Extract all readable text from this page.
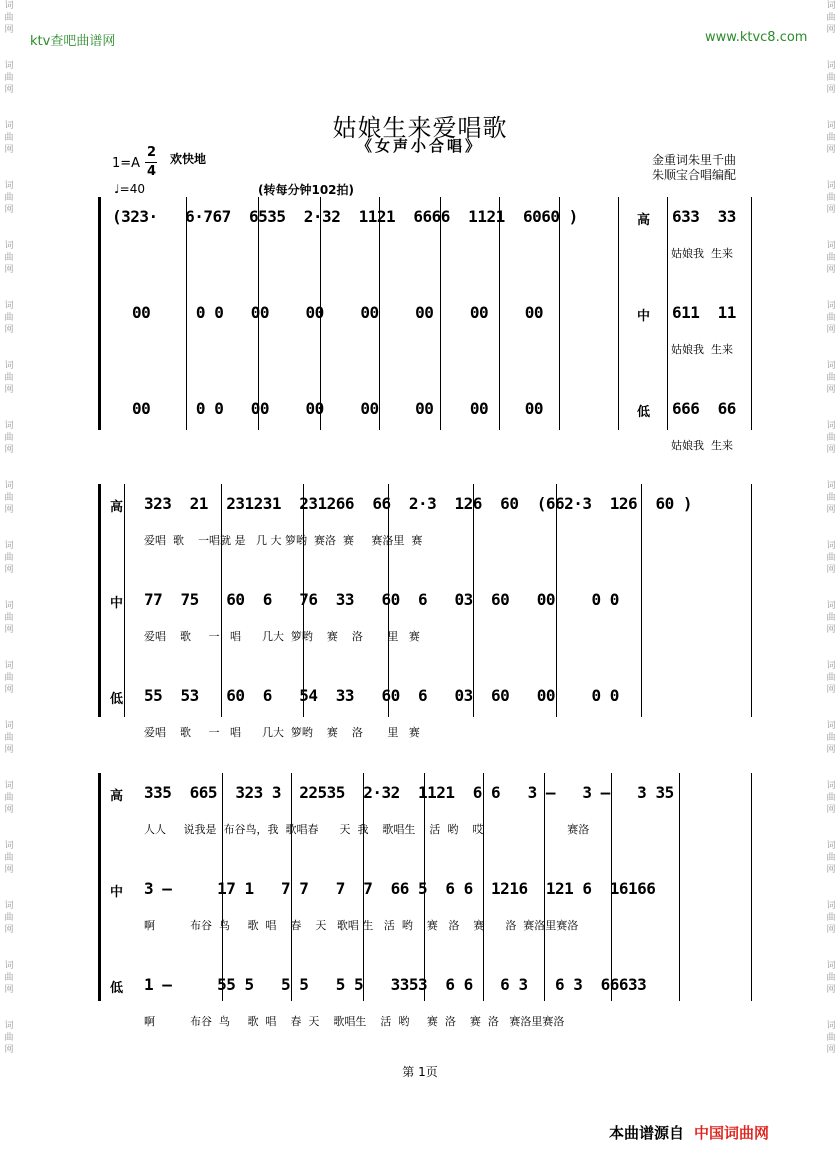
词曲网

词曲网

词曲网

词曲网

词曲网

词曲网

词曲网

词曲网

词曲网

词曲网

词曲网

词曲网

词曲网

词曲网

词曲网

词曲网

词曲网

词曲网
词曲网

词曲网

词曲网

词曲网

词曲网

词曲网

词曲网

词曲网

词曲网

词曲网

词曲网

词曲网

词曲网

词曲网

词曲网

词曲网

词曲网

词曲网
ktv查吧曲谱网	www.ktvc8.com
姑娘生来爱唱歌
《女声小合唱》
1=A
2
4
欢快地
♩=40	(转每分钟102拍)
金重词朱里千曲
朱顺宝合唱编配
(323·   6·767  6535  2·32  1121  6666  1121  6060 )	高 633  33
姑娘我  生来
00     0 0   00    00    00    00    00    00	中 611  11
姑娘我  生来
00     0 0   00    00    00    00    00    00	低 666  66
姑娘我  生来
高 323  21  231231  231266  66  2·3  126  60  (662·3  126  60 )
爱唱  歌    一唱就 是   几 大 箩哟  赛洛  赛     赛洛里  赛
中 77  75   60  6   76  33   60  6   03  60   00    0 0
爱唱    歌     一   唱      几大  箩哟    赛    洛       里   赛
低 55  53   60  6   54  33   60  6   03  60   00    0 0
爱唱    歌     一   唱      几大  箩哟    赛    洛       里   赛
高 335  665  323 3  22535  2·32  1121  6 6   3 —   3 —   3 35
人人     说我是  布谷鸟，我  歌唱春      天  我    歌唱生    活  哟    哎                        赛洛
中 3 —     17 1   7 7   7  7  66 5  6 6  1216  121 6  16166
啊          布谷  鸟     歌  唱    春    天   歌唱 生   活  哟    赛   洛    赛      洛  赛洛里赛洛
低 1 —     55 5   5 5   5 5   3353  6 6   6 3   6 3  66633
啊          布谷  鸟     歌  唱    春  天    歌唱生    活  哟     赛  洛    赛  洛   赛洛里赛洛
第 1页
本曲谱源自 中国词曲网
